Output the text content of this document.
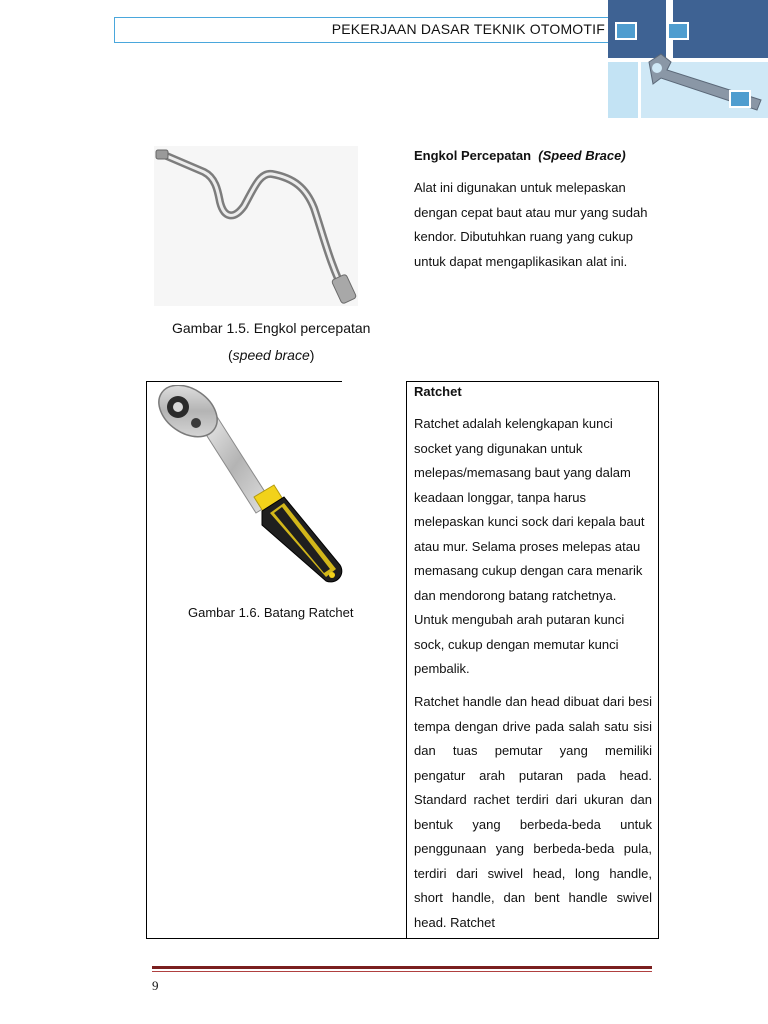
PEKERJAAN DASAR TEKNIK OTOMOTIF
Engkol Percepatan (Speed Brace)

Alat ini digunakan untuk melepaskan dengan cepat baut atau mur yang sudah kendor. Dibutuhkan ruang yang cukup untuk dapat mengaplikasikan alat ini.

Gambar 1.5. Engkol percepatan
(speed brace)
Gambar 1.6. Batang Ratchet
Ratchet

Ratchet adalah kelengkapan kunci socket yang digunakan untuk melepas/memasang baut yang dalam keadaan longgar, tanpa harus melepaskan kunci sock dari kepala baut atau mur. Selama proses melepas atau memasang cukup dengan cara menarik dan mendorong batang ratchetnya. Untuk mengubah arah putaran kunci sock, cukup dengan memutar kunci pembalik.

Ratchet handle dan head dibuat dari besi tempa dengan drive pada salah satu sisi dan tuas pemutar yang memiliki pengatur arah putaran pada head. Standard rachet terdiri dari ukuran dan bentuk yang berbeda-beda untuk penggunaan yang berbeda-beda pula, terdiri dari swivel head, long handle, short handle, dan bent handle swivel head. Ratchet

9
